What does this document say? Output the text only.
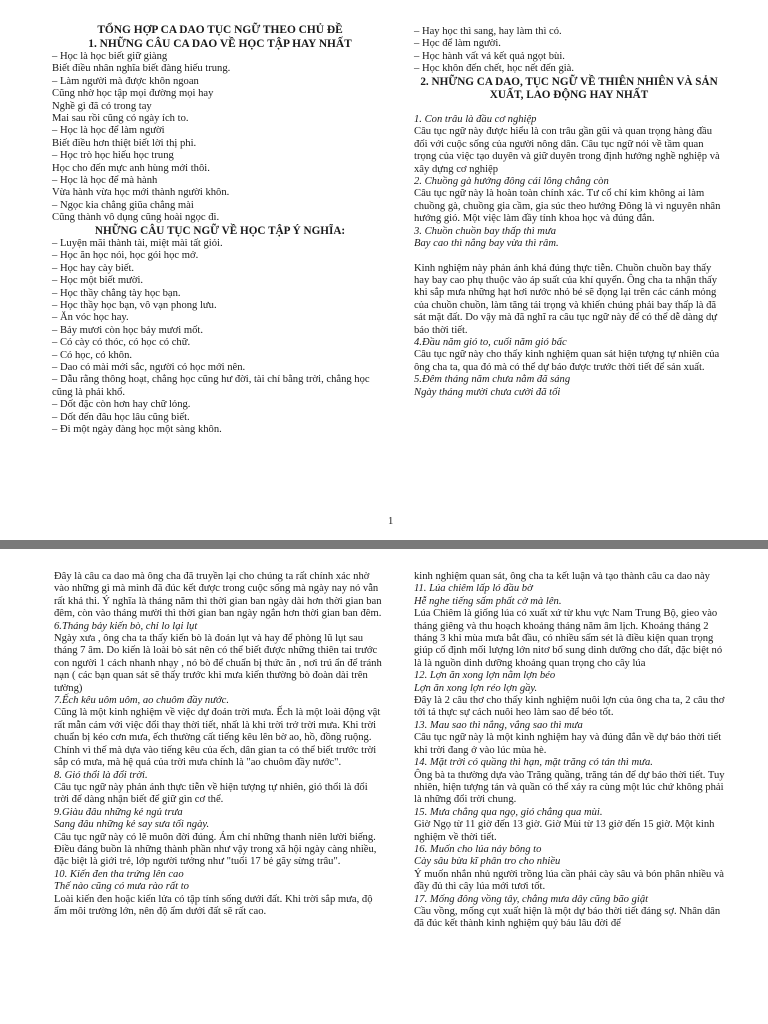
TỔNG HỢP CA DAO TỤC NGỮ THEO CHỦ ĐỀ

1. NHỮNG CÂU CA DAO VỀ HỌC TẬP HAY NHẤT

– Học là học biết giữ giàng

Biết điều nhân nghĩa biết đàng hiếu trung.

– Làm người mà được khôn ngoan

Cũng nhờ học tập mọi đường mọi hay

Nghề gì đã có trong tay

Mai sau rồi cũng có ngày ích to.

– Học là học để làm người

Biết điều hơn thiệt biết lời thị phi.

– Học trò học hiếu học trung

Học cho đến mực anh hùng mới thôi.

– Học là học để mà hành

Vừa hành vừa học mới thành người khôn.

– Ngọc kia chẳng giũa chẳng mài

Cũng thành vô dụng cũng hoài ngọc đi.

NHỮNG CÂU TỤC NGỮ VỀ HỌC TẬP Ý NGHĨA:

– Luyện mãi thành tài, miệt mài tất giỏi.

– Học ăn học nói, học gói học mở.

– Học hay cày biết.

– Học một biết mười.

– Học thầy chẳng tày học bạn.

– Học thầy học bạn, vô vạn phong lưu.

– Ăn vóc học hay.

– Bảy mươi còn học bảy mươi mốt.

– Có cày có thóc, có học có chữ.

– Có học, có khôn.

– Dao có mài mới sắc, người có học mới nên.

– Dẫu rằng thông hoạt, chẳng học cũng hư đời, tài chí bằng trời, chẳng học cũng là phải khổ.

– Dốt đặc còn hơn hay chữ lỏng.

– Dốt đến đâu học lâu cũng biết.

– Đi một ngày đàng học một sàng khôn.

– Hay học thì sang, hay làm thì có.

– Học để làm người.

– Học hành vất vả kết quả ngọt bùi.

– Học khôn đến chết, học nết đến già.

2. NHỮNG CA DAO, TỤC NGỮ VỀ THIÊN NHIÊN VÀ SẢN XUẤT, LAO ĐỘNG HAY NHẤT

1. Con trâu là đầu cơ nghiệp

Câu tục ngữ này được hiểu là con trâu gần gũi và quan trọng hàng đầu đối với cuộc sống của người nông dân. Câu tục ngữ nói về tầm quan trọng của việc tạo duyên và giữ duyên trong định hướng nghề nghiệp và xây dựng cơ nghiệp

2. Chuồng gà hướng đông cái lông chẳng còn

Câu tục ngữ này là hoàn toàn chính xác. Tư cổ chí kim không ai làm chuồng gà, chuồng gia cầm, gia súc theo hướng Đông là vì nguyên nhân hướng gió. Một việc làm đầy tính khoa học và đúng đắn.

3. Chuồn chuồn bay thấp thì mưa

Bay cao thì nắng bay vừa thì râm.

Kinh nghiệm này phản ánh khá đúng thực tiễn. Chuồn chuồn bay thấy hay bay cao phụ thuộc vào áp suất của khí quyển. Ông cha ta nhận thấy khi sắp mưa những hạt hơi nước nhỏ bé sẽ đọng lại trên các cánh mỏng của chuồn chuồn, làm tăng tải trọng và khiến chúng phải bay thấp là đã sát mặt đất. Do vậy mà đã nghĩ ra câu tục ngữ này để có thể dễ dàng dự báo thời tiết.

4.Đầu năm gió to, cuối năm gió bấc

Câu tục ngữ này cho thấy kinh nghiệm quan sát hiện tượng tự nhiên của ông cha ta, qua đó mà có thể dự báo được trước thời tiết để sản xuất.

5.Đêm tháng năm chưa nằm đã sáng

Ngày tháng mười chưa cười đã tối

1

Đây là câu ca dao mà ông cha đã truyền lại cho chúng ta rất chính xác nhờ vào những gì mà mình đã đúc kết được trong cuộc sống mà ngày nay nó vẫn rất khả thi. Ý nghĩa là tháng năm thì thời gian ban ngày dài hơn thời gian ban đêm, còn vào tháng mười thì thời gian ban ngày ngắn hơn thời gian ban đêm.

6.Tháng bảy kiến bò, chỉ lo lại lụt

Ngày xưa , ông cha ta thấy kiến bò là đoán lụt và hay để phòng lũ lụt sau tháng 7 âm. Do kiến là loài bò sát nên có thể biết được những thiên tai trước con người 1 cách nhanh nhạy , nó bò để chuẩn bị thức ăn , nơi trú ẩn để tránh nạn ( các bạn quan sát sẽ thấy trước khi mưa kiến thường bò đoàn dài trên tường)

7.Ếch kêu uôm uôm, ao chuôm đầy nước.

Cũng là một kinh nghiệm về việc dự đoán trời mưa. Ếch là một loài động vật rất mẫn cảm với việc đổi thay thời tiết, nhất là khi trời trở trời mưa. Khi trời chuẩn bị kéo cơn mưa, ếch thường cất tiếng kêu lên bờ ao, hồ, đồng ruộng. Chính vì thế mà dựa vào tiếng kêu của ếch, dân gian ta có thể biết trước trời sắp có mưa, mà hệ quả của trời mưa chính là "ao chuôm đầy nước".

8. Gió thổi là đổi trời.

Câu tục ngữ này phản ánh thực tiễn về hiện tượng tự nhiên, gió thổi là đổi trời để dàng nhận biết để giữ gìn cơ thể.

9.Giàu đâu những kẻ ngủ trưa

Sang đâu những kẻ say sưa tối ngày.

Câu tục ngữ này có lẽ muôn đời đúng. Ám chỉ những thanh niên lười biếng. Điều đáng buồn là những thành phần như vậy trong xã hội ngày càng nhiều, đặc biệt là giới trẻ, lớp người tưởng như "tuổi 17 bẻ gãy sừng trâu".

10. Kiến đen tha trứng lên cao

Thế nào cũng có mưa rào rất to

Loài kiến đen hoặc kiến lửa có tập tính sống dưới đất. Khi trời sắp mưa, độ ẩm môi trường lớn, nên độ ẩm dưới đất sẽ rất cao.

kinh nghiệm quan sát, ông cha ta kết luận và tạo thành câu ca dao này

11. Lúa chiêm lấp ló đầu bờ

Hễ nghe tiếng sấm phất cờ mà lên.

Lúa Chiêm là giống lúa có xuất xứ từ khu vực Nam Trung Bộ, gieo vào tháng giêng và thu hoạch khoảng tháng năm âm lịch. Khoảng tháng 2 tháng 3 khi mùa mưa bắt đầu, có nhiều sấm sét là điều kiện quan trọng giúp cố định mối lượng lớn nitơ bổ sung dinh dưỡng cho đất, đặc biệt nó là là nguồn dinh dưỡng khoảng quan trọng cho cây lúa

12. Lợn ăn xong lợn nằm lợn béo

Lợn ăn xong lợn réo lợn gầy.

Đây là 2 câu thơ cho thấy kinh nghiệm nuôi lợn của ông cha ta, 2 câu thơ tới tả thực sự cách nuôi heo làm sao để béo tốt.

13. Mau sao thì nắng, vắng sao thì mưa

Câu tục ngữ này là một kinh nghiệm hay và đúng đắn về dự báo thời tiết khi trời đang ở vào lúc mùa hè.

14. Mặt trời có quầng thì hạn, mặt trăng có tán thì mưa.

Ông bà ta thường dựa vào Trăng quầng, trăng tán để dự báo thời tiết. Tuy nhiên, hiện tượng tán và quần có thể xảy ra cùng một lúc chứ không phải là những đổi trời chung.

15. Mưa chẳng qua ngọ, gió chẳng qua mùi.

Giờ Ngọ từ 11 giờ đến 13 giờ. Giờ Mùi từ 13 giờ đến 15 giờ. Một kinh nghiệm về thời tiết.

16. Muốn cho lúa nảy bông to

Cày sâu bừa kĩ phân tro cho nhiều

Ý muốn nhắn nhủ người trồng lúa cần phải cày sâu và bón phân nhiều và đầy đủ thì cây lúa mới tươi tốt.

17. Mống đông vồng tây, chẳng mưa dây cũng bão giật

Cầu vồng, mống cụt xuất hiện là một dự báo thời tiết đáng sợ. Nhân dân đã đúc kết thành kinh nghiệm quý báu lâu đời để
